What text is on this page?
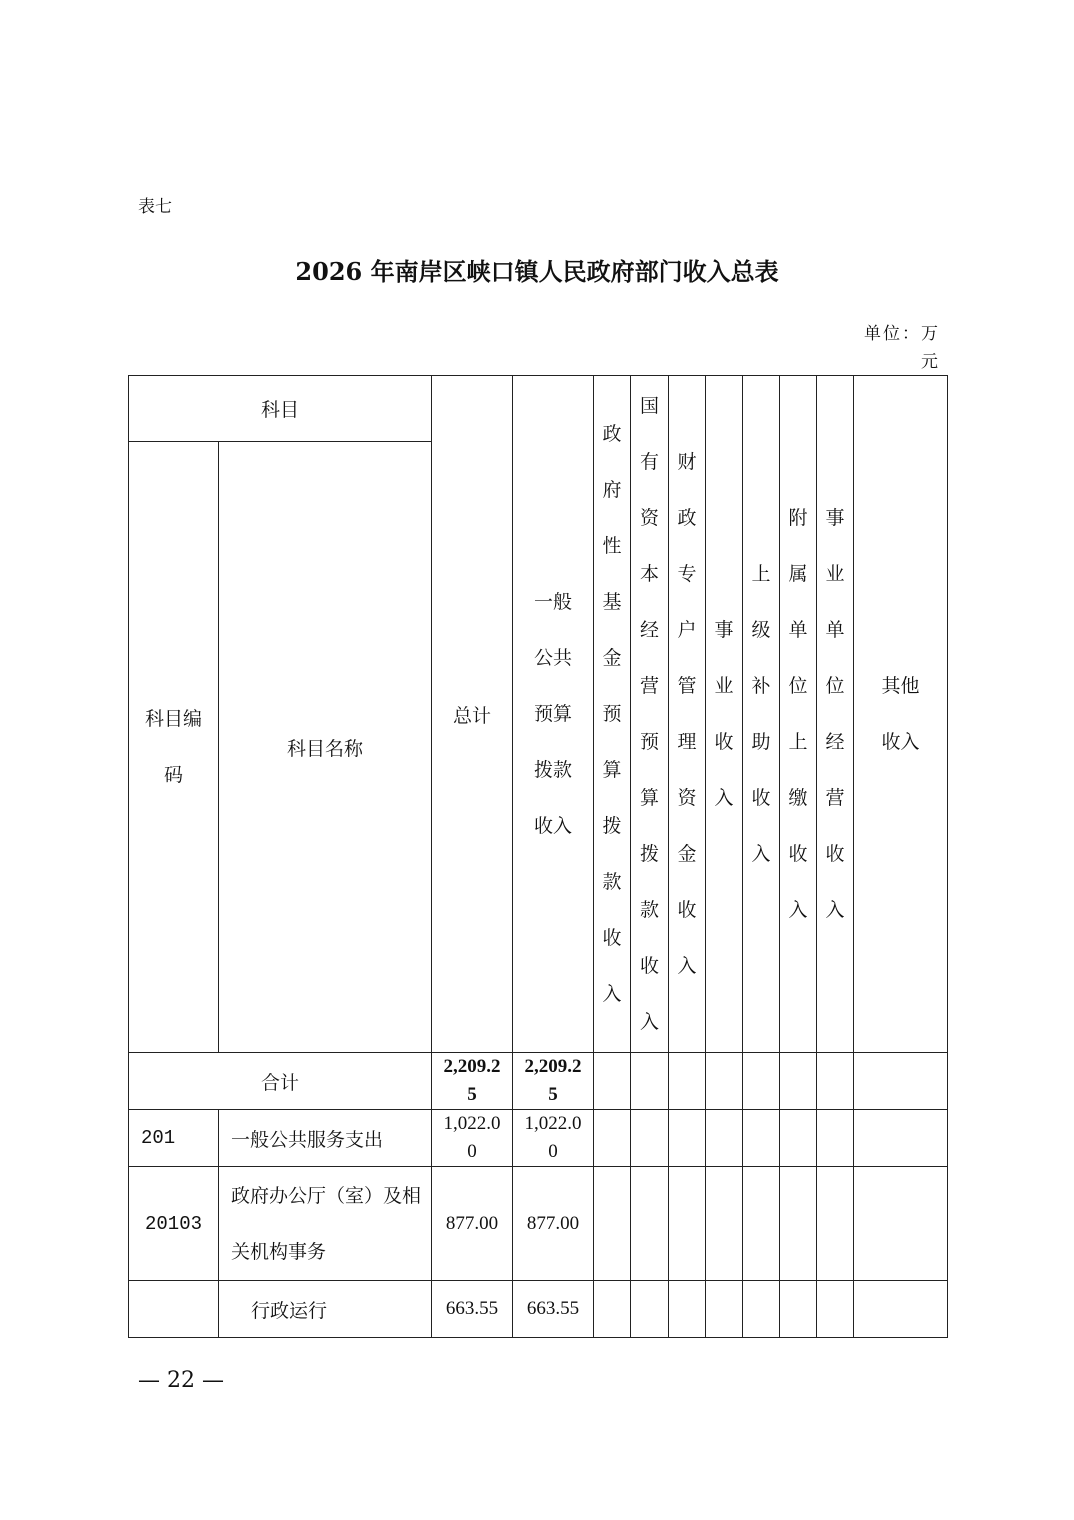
表七
2026 年南岸区峡口镇人民政府部门收入总表
单位：万元
科目		总计	一般公共预算拨款收入	政府性基金预算拨款收入	国有资本经营预算拨款收入	财政专户管理资金收入	事业收入	上级补助收入	附属单位上缴收入	事业单位经营收入	其他收入

科目编码	科目名称										
合计		2,209.25	2,209.25								
201	一般公共服务支出	1,022.00	1,022.00								
20103	政府办公厅（室）及相关机构事务	877.00	877.00								
	行政运行	663.55	663.55								
— 22 —
